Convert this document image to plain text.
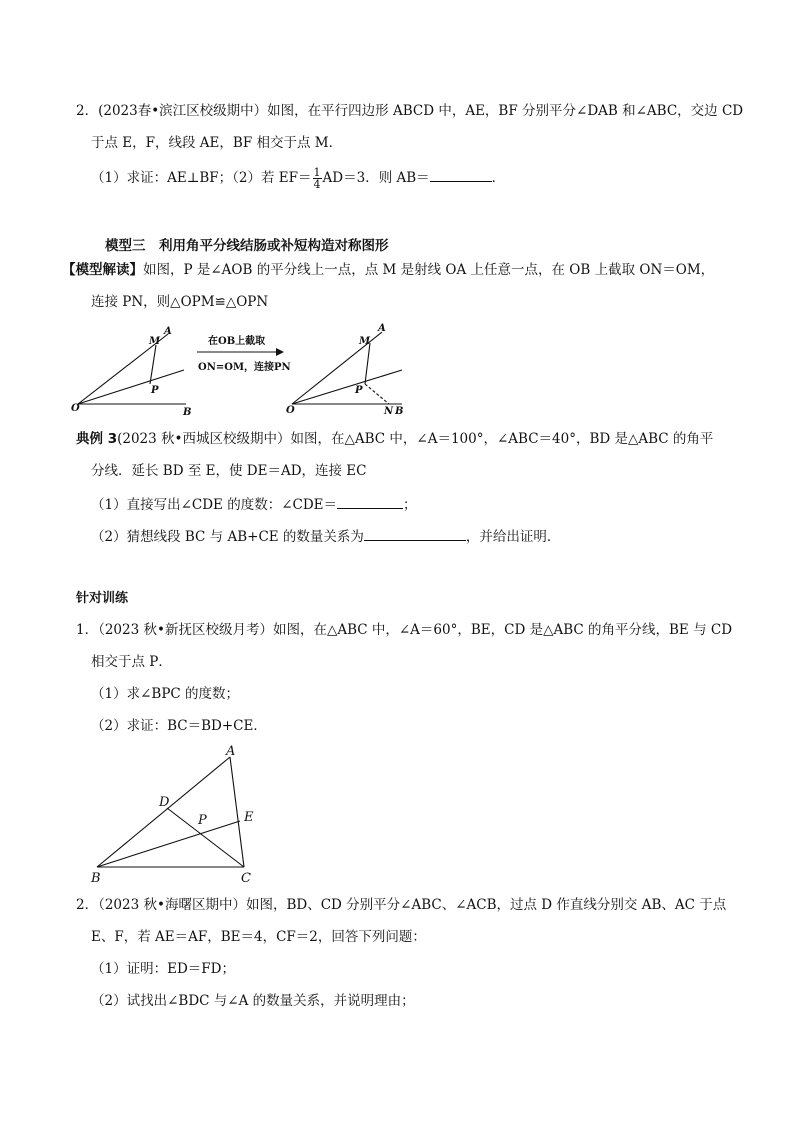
2．(2023春•滨江区校级期中）如图，在平行四边形 ABCD 中，AE，BF 分别平分∠DAB 和∠ABC，交边 CD
于点 E，F，线段 AE，BF 相交于点 M．
（1）求证：AE⊥BF；（2）若 $EF= \frac{1}{4} AD=3$．则 AB＝	．
模型三　利用角平分线结肠或补短构造对称图形
【模型解读】如图，P 是∠AOB 的平分线上一点，点 M 是射线 OA 上任意一点，在 OB 上截取 ON＝OM，
连接 PN，则△OPM≌△OPN
在OB上截取
ON=OM，连接PN
M
A
P
O	B
M
A
P
O	N B
典例 3(2023 秋•西城区校级期中）如图，在△ABC 中，∠A＝100°，∠ABC＝40°，BD 是△ABC 的角平
分线．延长 BD 至 E，使 DE＝AD，连接 EC
（1）直接写出∠CDE 的度数：∠CDE＝	；
（2）猜想线段 BC 与 AB+CE 的数量关系为	，并给出证明．
针对训练
1．（2023 秋•新抚区校级月考）如图，在△ABC 中，∠A＝60°，BE，CD 是△ABC 的角平分线，BE 与 CD
相交于点 P．
（1）求∠BPC 的度数；
（2）求证：BC＝BD+CE．
A
D
P	E
B	C
2．（2023 秋•海曙区期中）如图，BD、CD 分别平分∠ABC、∠ACB，过点 D 作直线分别交 AB、AC 于点
E、F，若 AE＝AF，BE＝4，CF＝2，回答下列问题：
（1）证明：ED＝FD；
（2）试找出∠BDC 与∠A 的数量关系，并说明理由；
